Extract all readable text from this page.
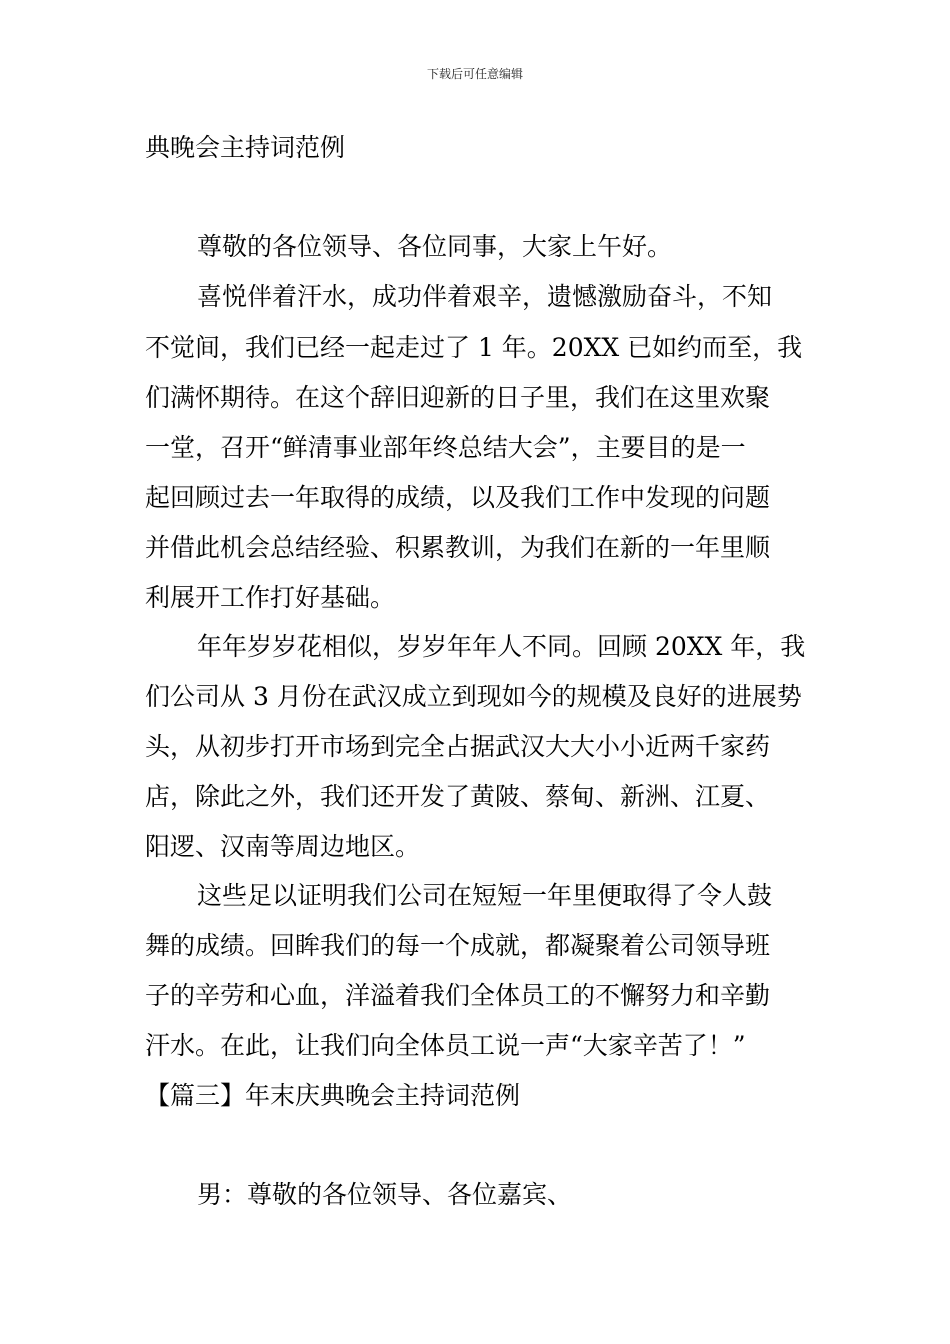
下载后可任意编辑
典晚会主持词范例
尊敬的各位领导、各位同事，大家上午好。
喜悦伴着汗水，成功伴着艰辛，遗憾激励奋斗，不知
不觉间，我们已经一起走过了 1 年。20XX 已如约而至，我
们满怀期待。在这个辞旧迎新的日子里，我们在这里欢聚
一堂，召开“鲜清事业部年终总结大会”，主要目的是一
起回顾过去一年取得的成绩，以及我们工作中发现的问题
并借此机会总结经验、积累教训，为我们在新的一年里顺
利展开工作打好基础。
年年岁岁花相似，岁岁年年人不同。回顾 20XX 年，我
们公司从 3 月份在武汉成立到现如今的规模及良好的进展势
头，从初步打开市场到完全占据武汉大大小小近两千家药
店，除此之外，我们还开发了黄陂、蔡甸、新洲、江夏、
阳逻、汉南等周边地区。
这些足以证明我们公司在短短一年里便取得了令人鼓
舞的成绩。回眸我们的每一个成就，都凝聚着公司领导班
子的辛劳和心血，洋溢着我们全体员工的不懈努力和辛勤
汗水。在此，让我们向全体员工说一声“大家辛苦了！”
【篇三】年末庆典晚会主持词范例
男：尊敬的各位领导、各位嘉宾、
